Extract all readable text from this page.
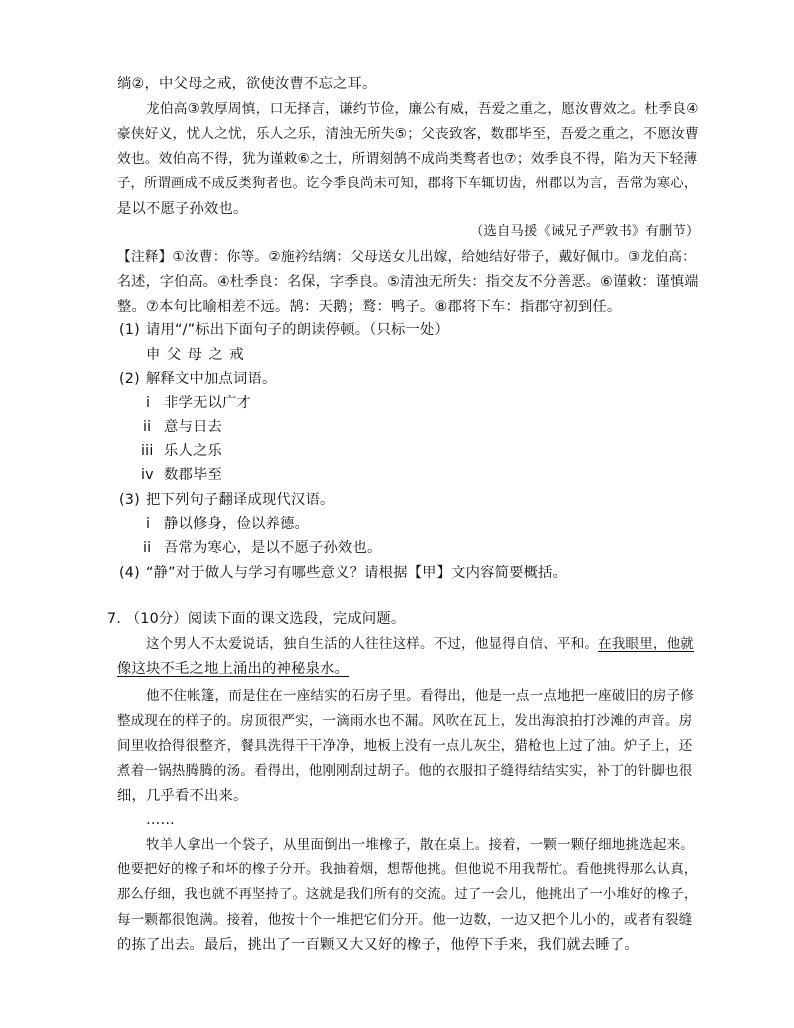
绱②，中父母之戒，欲使汝曹不忘之耳。
龙伯高③敦厚周慎，口无择言，谦约节俭，廉公有威，吾爱之重之，愿汝曹效之。杜季良④
豪侠好义，忧人之忧，乐人之乐，清浊无所失⑤；父丧致客，数郡毕至，吾爱之重之，不愿汝曹
效也。效伯高不得，犹为谨敕⑥之士，所谓刻鹄不成尚类鹜者也⑦；效季良不得，陷为天下轻薄
子，所谓画成不成反类狗者也。讫今季良尚未可知，郡将下车辄切齿，州郡以为言，吾常为寒心，
是以不愿子孙效也。
（选自马援《诫兄子严敦书》有删节）
【注释】①汝曹：你等。②施衿结缡：父母送女儿出嫁，给她结好带子，戴好佩巾。③龙伯高：
名述，字伯高。④杜季良：名保，字季良。⑤清浊无所失：指交友不分善恶。⑥谨敕：谨慎端
整。⑦本句比喻相差不远。鹄：天鹅；鹜：鸭子。⑧郡将下车：指郡守初到任。
(1) 请用“/”标出下面句子的朗读停顿。（只标一处）
申 父 母 之 戒
(2) 解释文中加点词语。
i 非学无以广才
ii 意与日去
iii 乐人之乐
iv 数郡毕至
(3) 把下列句子翻译成现代汉语。
i 静以修身，俭以养德。
ii 吾常为寒心，是以不愿子孙效也。
(4) “静”对于做人与学习有哪些意义？请根据【甲】文内容简要概括。
7. （10分）阅读下面的课文选段，完成问题。
这个男人不太爱说话，独自生活的人往往这样。不过，他显得自信、平和。在我眼里，他就
像这块不毛之地上涌出的神秘泉水。
他不住帐篷，而是住在一座结实的石房子里。看得出，他是一点一点地把一座破旧的房子修
整成现在的样子的。房顶很严实，一滴雨水也不漏。风吹在瓦上，发出海浪拍打沙滩的声音。房
间里收拾得很整齐，餐具洗得干干净净，地板上没有一点儿灰尘，猎枪也上过了油。炉子上，还
煮着一锅热腾腾的汤。看得出，他刚刚刮过胡子。他的衣服扣子缝得结结实实，补丁的针脚也很
细，几乎看不出来。
……
牧羊人拿出一个袋子，从里面倒出一堆橡子，散在桌上。接着，一颗一颗仔细地挑选起来。
他要把好的橡子和坏的橡子分开。我抽着烟，想帮他挑。但他说不用我帮忙。看他挑得那么认真，
那么仔细，我也就不再坚持了。这就是我们所有的交流。过了一会儿，他挑出了一小堆好的橡子，
每一颗都很饱满。接着，他按十个一堆把它们分开。他一边数，一边又把个儿小的，或者有裂缝
的拣了出去。最后，挑出了一百颗又大又好的橡子，他停下手来，我们就去睡了。
